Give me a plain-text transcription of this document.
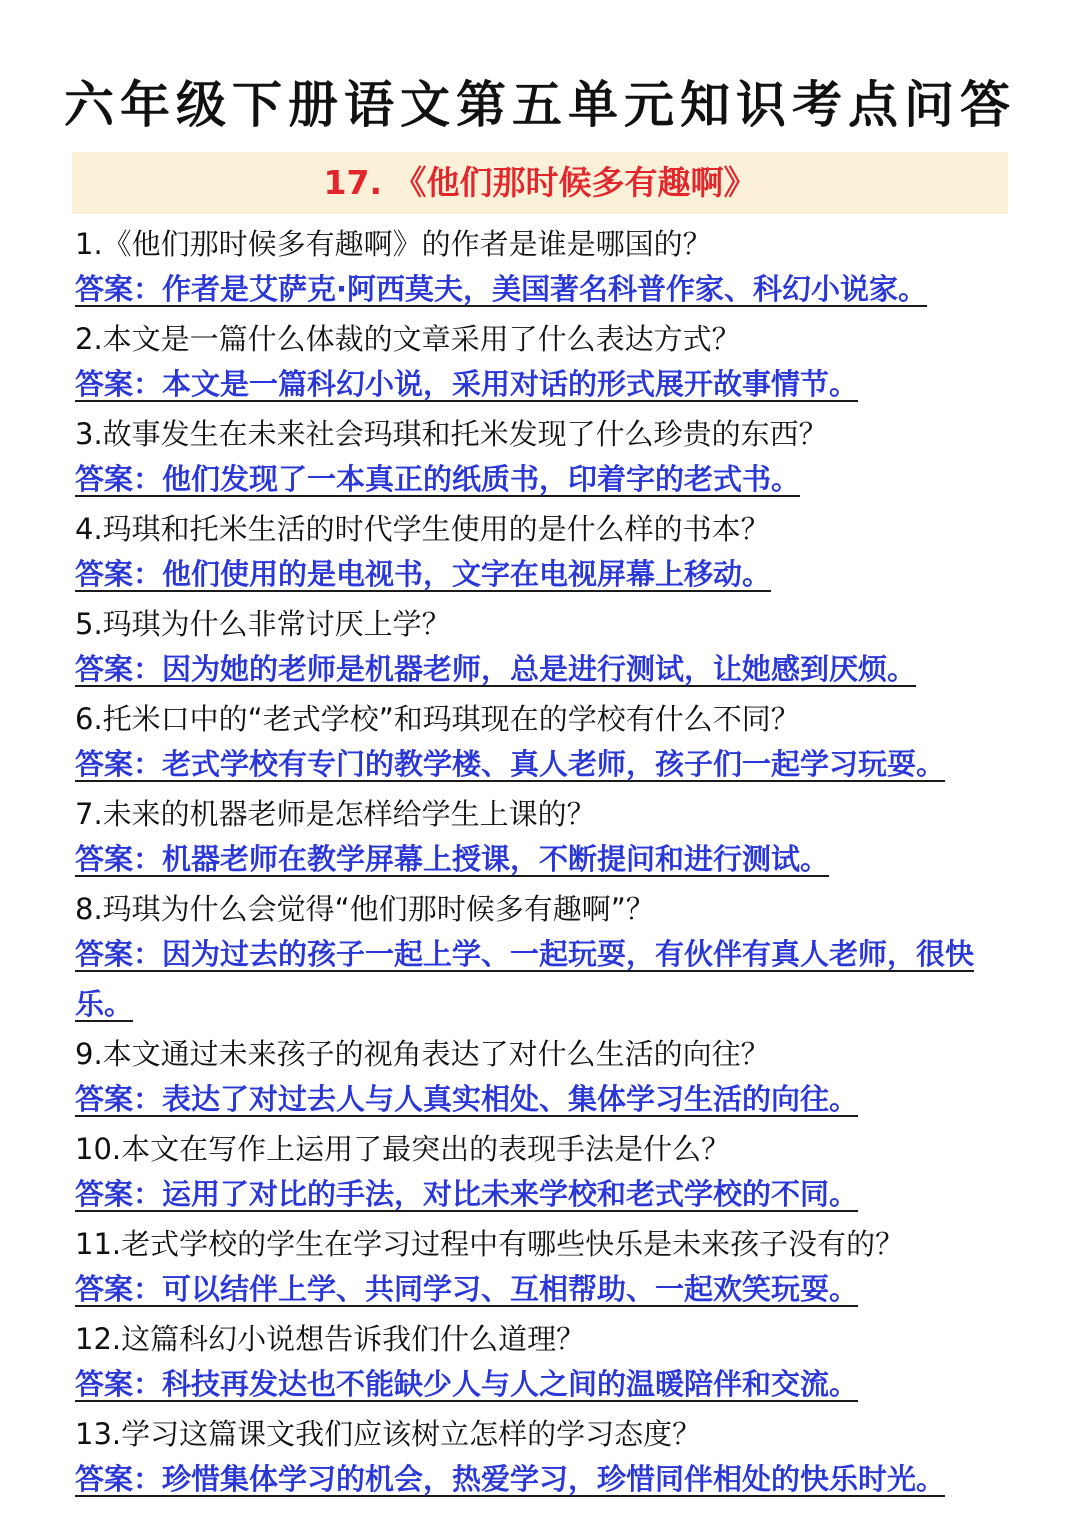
六年级下册语文第五单元知识考点问答
17. 《他们那时候多有趣啊》
1.《他们那时候多有趣啊》的作者是谁是哪国的？
答案：作者是艾萨克·阿西莫夫，美国著名科普作家、科幻小说家。
2.本文是一篇什么体裁的文章采用了什么表达方式？
答案：本文是一篇科幻小说，采用对话的形式展开故事情节。
3.故事发生在未来社会玛琪和托米发现了什么珍贵的东西？
答案：他们发现了一本真正的纸质书，印着字的老式书。
4.玛琪和托米生活的时代学生使用的是什么样的书本？
答案：他们使用的是电视书，文字在电视屏幕上移动。
5.玛琪为什么非常讨厌上学？
答案：因为她的老师是机器老师，总是进行测试，让她感到厌烦。
6.托米口中的“老式学校”和玛琪现在的学校有什么不同？
答案：老式学校有专门的教学楼、真人老师，孩子们一起学习玩耍。
7.未来的机器老师是怎样给学生上课的？
答案：机器老师在教学屏幕上授课，不断提问和进行测试。
8.玛琪为什么会觉得“他们那时候多有趣啊”？
答案：因为过去的孩子一起上学、一起玩耍，有伙伴有真人老师，很快乐。
9.本文通过未来孩子的视角表达了对什么生活的向往？
答案：表达了对过去人与人真实相处、集体学习生活的向往。
10.本文在写作上运用了最突出的表现手法是什么？
答案：运用了对比的手法，对比未来学校和老式学校的不同。
11.老式学校的学生在学习过程中有哪些快乐是未来孩子没有的？
答案：可以结伴上学、共同学习、互相帮助、一起欢笑玩耍。
12.这篇科幻小说想告诉我们什么道理？
答案：科技再发达也不能缺少人与人之间的温暖陪伴和交流。
13.学习这篇课文我们应该树立怎样的学习态度？
答案：珍惜集体学习的机会，热爱学习，珍惜同伴相处的快乐时光。
